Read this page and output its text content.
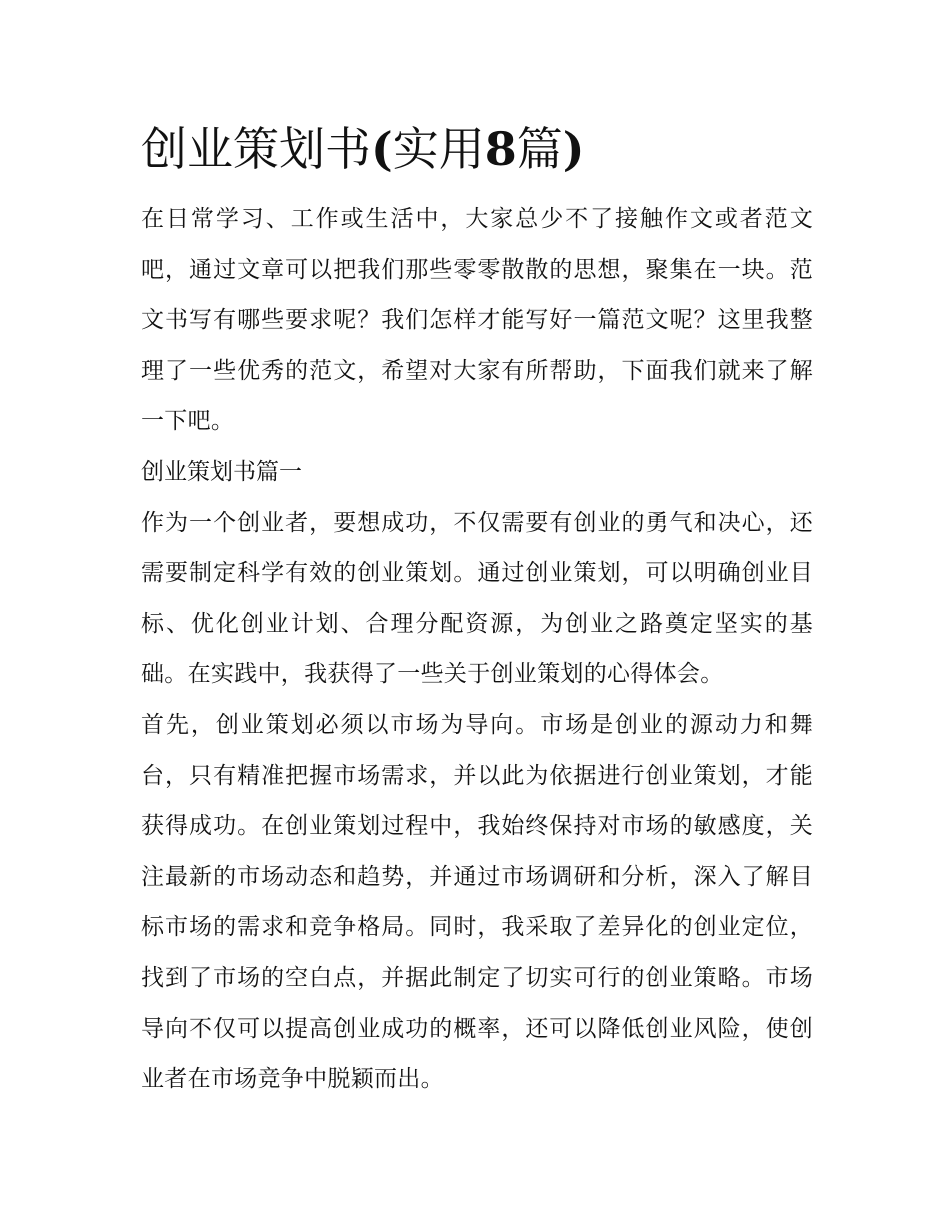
创业策划书(实用8篇)

在日常学习、工作或生活中，大家总少不了接触作文或者范文吧，通过文章可以把我们那些零零散散的思想，聚集在一块。范文书写有哪些要求呢？我们怎样才能写好一篇范文呢？这里我整理了一些优秀的范文，希望对大家有所帮助，下面我们就来了解一下吧。

创业策划书篇一

作为一个创业者，要想成功，不仅需要有创业的勇气和决心，还需要制定科学有效的创业策划。通过创业策划，可以明确创业目标、优化创业计划、合理分配资源，为创业之路奠定坚实的基础。在实践中，我获得了一些关于创业策划的心得体会。

首先，创业策划必须以市场为导向。市场是创业的源动力和舞台，只有精准把握市场需求，并以此为依据进行创业策划，才能获得成功。在创业策划过程中，我始终保持对市场的敏感度，关注最新的市场动态和趋势，并通过市场调研和分析，深入了解目标市场的需求和竞争格局。同时，我采取了差异化的创业定位，找到了市场的空白点，并据此制定了切实可行的创业策略。市场导向不仅可以提高创业成功的概率，还可以降低创业风险，使创业者在市场竞争中脱颖而出。
